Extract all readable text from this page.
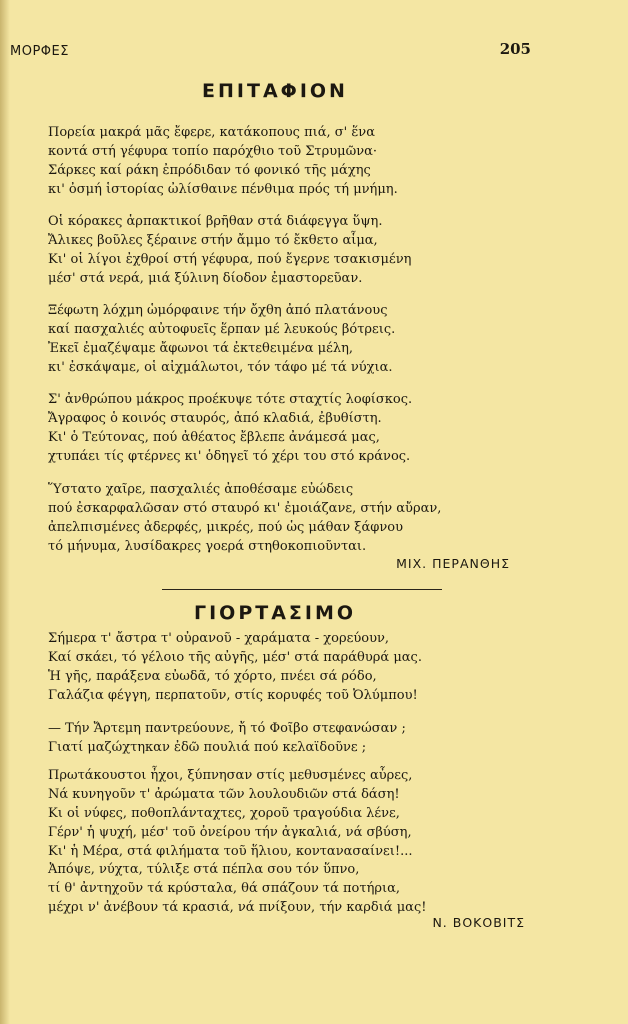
ΜΟΡΦΕΣ	205
ΕΠΙΤΑΦΙΟΝ
Πορεία μακρά μᾶς ἔφερε, κατάκοπους πιά, σ' ἕνα
κοντά στή γέφυρα τοπίο παρόχθιο τοῦ Στρυμῶνα·
Σάρκες καί ράκη ἐπρόδιδαν τό φονικό τῆς μάχης
κι' ὀσμή ἱστορίας ὠλίσθαινε πένθιμα πρός τή μνήμη.
Οἱ κόρακες ἁρπακτικοί βρῆθαν στά διάφεγγα ὕψη.
Ἄλικες βοῦλες ξέραινε στήν ἄμμο τό ἔκθετο αἷμα,
Κι' οἱ λίγοι ἐχθροί στή γέφυρα, πού ἔγερνε τσακισμένη
μέσ' στά νερά, μιά ξύλινη δίοδον ἐμαστορεῦαν.
Ξέφωτη λόχμη ὡμόρφαινε τήν ὄχθη ἀπό πλατάνους
καί πασχαλιές αὐτοφυεῖς ἕρπαν μέ λευκούς βότρεις.
Ἐκεῖ ἐμαζέψαμε ἄφωνοι τά ἐκτεθειμένα μέλη,
κι' ἐσκάψαμε, οἱ αἰχμάλωτοι, τόν τάφο μέ τά νύχια.
Σ' ἀνθρώπου μάκρος προέκυψε τότε σταχτίς λοφίσκος.
Ἄγραφος ὁ κοινός σταυρός, ἀπό κλαδιά, ἐβυθίστη.
Κι' ὁ Τεύτονας, πού ἀθέατος ἔβλεπε ἀνάμεσά μας,
χτυπάει τίς φτέρνες κι' ὁδηγεῖ τό χέρι του στό κράνος.
Ὕστατο χαῖρε, πασχαλιές ἀποθέσαμε εὐώδεις
πού ἐσκαρφαλῶσαν στό σταυρό κι' ἐμοιάζανε, στήν αὔραν,
ἀπελπισμένες ἀδερφές, μικρές, πού ὡς μάθαν ξάφνου
τό μήνυμα, λυσίδακρες γοερά στηθοκοπιοῦνται.
ΜΙΧ. ΠΕΡΑΝΘΗΣ
ΓΙΟΡΤΑΣΙΜΟ
Σήμερα τ' ἄστρα τ' οὐρανοῦ - χαράματα - χορεύουν,
Καί σκάει, τό γέλοιο τῆς αὐγῆς, μέσ' στά παράθυρά μας.
Ἡ γῆς, παράξενα εὐωδᾶ, τό χόρτο, πνέει σά ρόδο,
Γαλάζια φέγγη, περπατοῦν, στίς κορυφές τοῦ Ὀλύμπου!
— Τήν Ἄρτεμη παντρεύουνε, ἤ τό Φοῖβο στεφανώσαν ;
Γιατί μαζώχτηκαν ἐδῶ πουλιά πού κελαϊδοῦνε ;
Πρωτάκουστοι ἦχοι, ξύπνησαν στίς μεθυσμένες αὖρες,
Νά κυνηγοῦν τ' ἀρώματα τῶν λουλουδιῶν στά δάση!
Κι οἱ νύφες, ποθοπλάνταχτες, χοροῦ τραγούδια λένε,
Γέρν' ἡ ψυχή, μέσ' τοῦ ὀνείρου τήν ἀγκαλιά, νά σβύση,
Κι' ἡ Μέρα, στά φιλήματα τοῦ ἥλιου, κοντανασαίνει!...
Ἀπόψε, νύχτα, τύλιξε στά πέπλα σου τόν ὕπνο,
τί θ' ἀντηχοῦν τά κρύσταλα, θά σπάζουν τά ποτήρια,
μέχρι ν' ἀνέβουν τά κρασιά, νά πνίξουν, τήν καρδιά μας!
Ν. ΒΟΚΟΒΙΤΣ
